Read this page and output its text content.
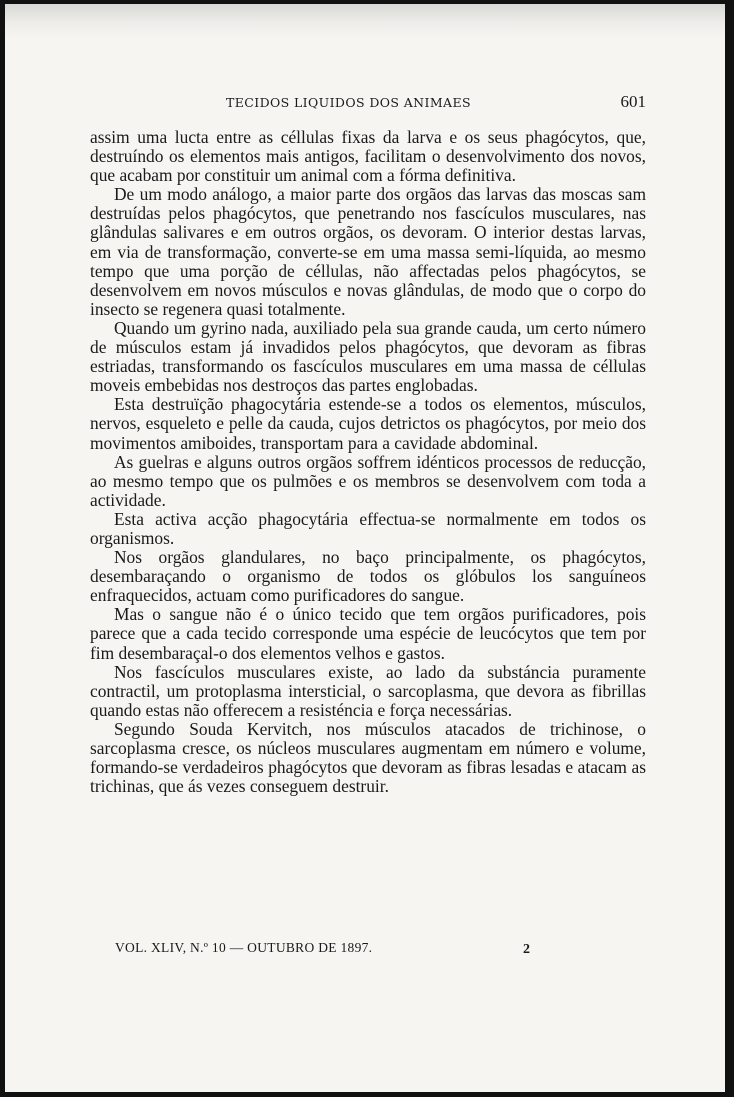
TECIDOS LIQUIDOS DOS ANIMAES	601

assim uma lucta entre as céllulas fixas da larva e os seus phagócytos, que, destruíndo os elementos mais antigos, facilitam o desenvolvimento dos novos, que acabam por constituir um animal com a fórma definitiva.

De um modo análogo, a maior parte dos orgãos das larvas das moscas sam destruídas pelos phagócytos, que penetrando nos fascículos musculares, nas glândulas salivares e em outros orgãos, os devoram. O interior destas larvas, em via de transformação, converte-se em uma massa semi-líquida, ao mesmo tempo que uma porção de céllulas, não affectadas pelos phagócytos, se desenvolvem em novos músculos e novas glândulas, de modo que o corpo do insecto se regenera quasi totalmente.

Quando um gyrino nada, auxiliado pela sua grande cauda, um certo número de músculos estam já invadidos pelos phagócytos, que devoram as fibras estriadas, transformando os fascículos musculares em uma massa de céllulas moveis embebidas nos destroços das partes englobadas.

Esta destruïção phagocytária estende-se a todos os elementos, músculos, nervos, esqueleto e pelle da cauda, cujos detrictos os phagócytos, por meio dos movimentos amiboides, transportam para a cavidade abdominal.

As guelras e alguns outros orgãos soffrem idénticos processos de reducção, ao mesmo tempo que os pulmões e os membros se desenvolvem com toda a actividade.

Esta activa acção phagocytária effectua-se normalmente em todos os organismos.

Nos orgãos glandulares, no baço principalmente, os phagócytos, desembaraçando o organismo de todos os glóbulos los sanguíneos enfraquecidos, actuam como purificadores do sangue.

Mas o sangue não é o único tecido que tem orgãos purificadores, pois parece que a cada tecido corresponde uma espécie de leucócytos que tem por fim desembaraçal-o dos elementos velhos e gastos.

Nos fascículos musculares existe, ao lado da substáncia puramente contractil, um protoplasma intersticial, o sarcoplasma, que devora as fibrillas quando estas não offerecem a resisténcia e força necessárias.

Segundo Souda Kervitch, nos músculos atacados de trichinose, o sarcoplasma cresce, os núcleos musculares augmentam em número e volume, formando-se verdadeiros phagócytos que devoram as fibras lesadas e atacam as trichinas, que ás vezes conseguem destruir.

VOL. XLIV, N.º 10 — OUTUBRO DE 1897.	2
